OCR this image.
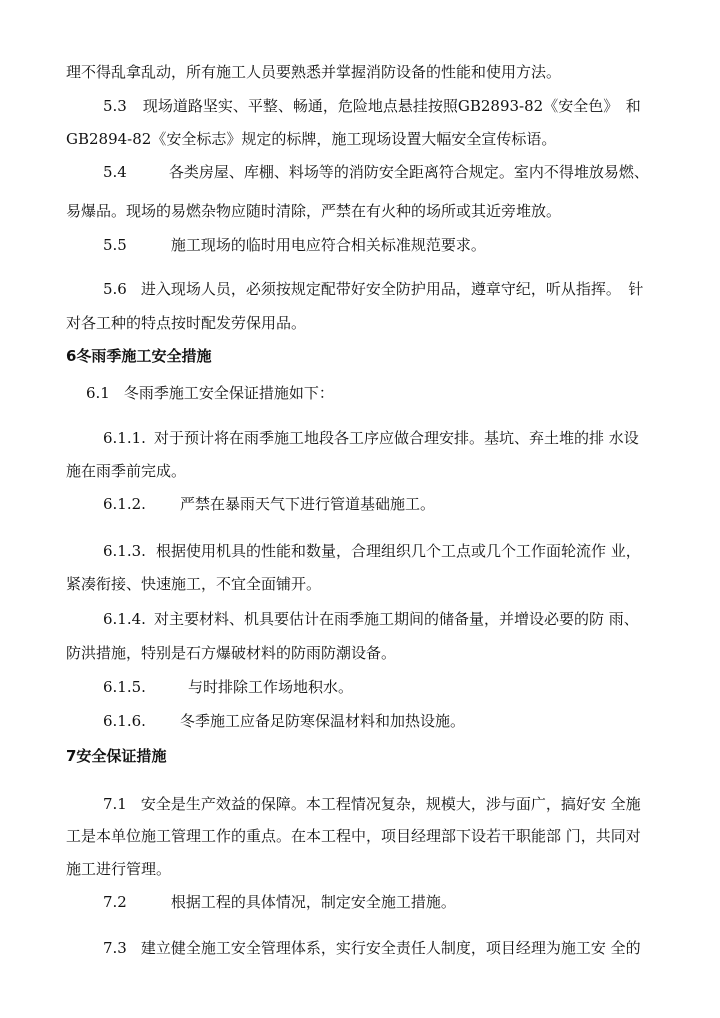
理不得乱拿乱动，所有施工人员要熟悉并掌握消防设备的性能和使用方法。
5.3 现场道路坚实、平整、畅通，危险地点悬挂按照GB2893-82《安全色》　和
GB2894-82《安全标志》规定的标牌，施工现场设置大幅安全宣传标语。
5.4	各类房屋、库棚、料场等的消防安全距离符合规定。室内不得堆放易燃、
易爆品。现场的易燃杂物应随时清除，严禁在有火种的场所或其近旁堆放。
5.5	施工现场的临时用电应符合相关标准规范要求。
5.6 进入现场人员，必须按规定配带好安全防护用品，遵章守纪，听从指挥。　针
对各工种的特点按时配发劳保用品。
6冬雨季施工安全措施
6.1 冬雨季施工安全保证措施如下：
6.1.1. 对于预计将在雨季施工地段各工序应做合理安排。基坑、弃土堆的排 水设
施在雨季前完成。
6.1.2. 严禁在暴雨天气下进行管道基础施工。
6.1.3. 根据使用机具的性能和数量，合理组织几个工点或几个工作面轮流作 业，
紧凑衔接、快速施工，不宜全面铺开。
6.1.4. 对主要材料、机具要估计在雨季施工期间的储备量，并增设必要的防 雨、
防洪措施，特别是石方爆破材料的防雨防潮设备。
6.1.5.	与时排除工作场地积水。
6.1.6. 冬季施工应备足防寒保温材料和加热设施。
7安全保证措施
7.1 安全是生产效益的保障。本工程情况复杂，规模大，涉与面广，搞好安 全施
工是本单位施工管理工作的重点。在本工程中，项目经理部下设若干职能部 门，共同对
施工进行管理。
7.2	根据工程的具体情况，制定安全施工措施。
7.3 建立健全施工安全管理体系，实行安全责任人制度，项目经理为施工安 全的
